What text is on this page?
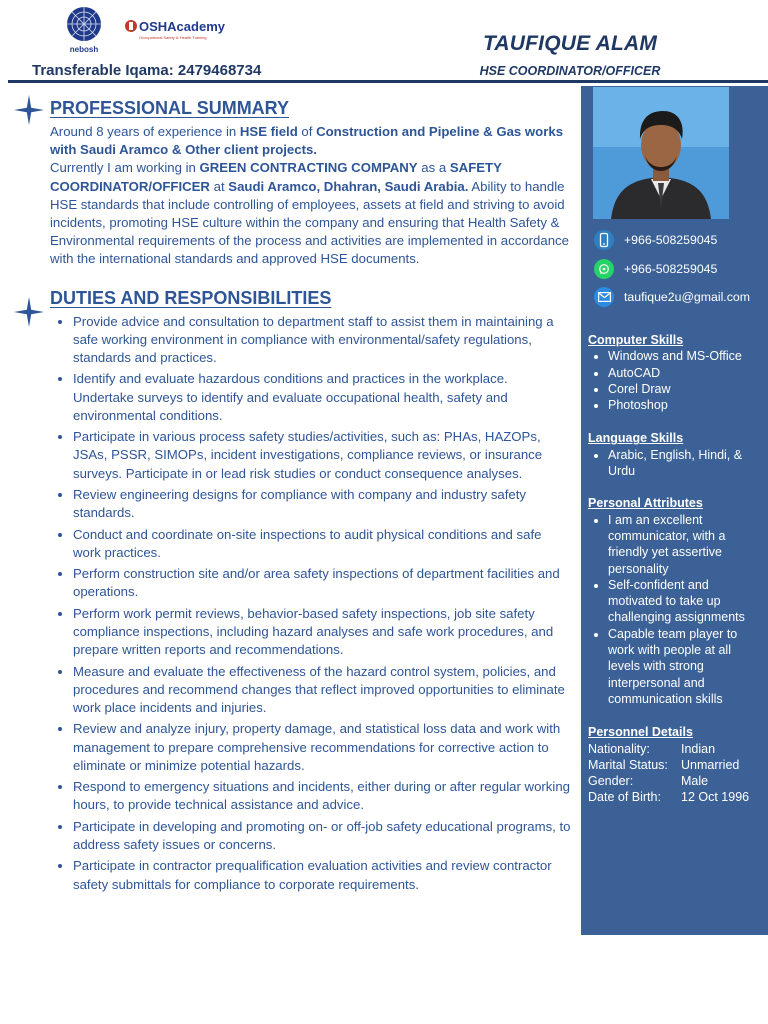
nebosh
OSHAcademy
Occupational Safety & Health Training
Transferable Iqama: 2479468734
TAUFIQUE ALAM
HSE COORDINATOR/OFFICER
PROFESSIONAL SUMMARY

Around 8 years of experience in HSE field of Construction and Pipeline & Gas works with Saudi Aramco & Other client projects.

Currently I am working in GREEN CONTRACTING COMPANY as a SAFETY COORDINATOR/OFFICER at Saudi Aramco, Dhahran, Saudi Arabia. Ability to handle HSE standards that include controlling of employees, assets at field and striving to avoid incidents, promoting HSE culture within the company and ensuring that Health Safety & Environmental requirements of the process and activities are implemented in accordance with the international standards and approved HSE documents.

DUTIES AND RESPONSIBILITIES
• Provide advice and consultation to department staff to assist them in maintaining a safe working environment in compliance with environmental/safety regulations, standards and practices.
• Identify and evaluate hazardous conditions and practices in the workplace. Undertake surveys to identify and evaluate occupational health, safety and environmental conditions.
• Participate in various process safety studies/activities, such as: PHAs, HAZOPs, JSAs, PSSR, SIMOPs, incident investigations, compliance reviews, or insurance surveys. Participate in or lead risk studies or conduct consequence analyses.
• Review engineering designs for compliance with company and industry safety standards.
• Conduct and coordinate on-site inspections to audit physical conditions and safe work practices.
• Perform construction site and/or area safety inspections of department facilities and operations.
• Perform work permit reviews, behavior-based safety inspections, job site safety compliance inspections, including hazard analyses and safe work procedures, and prepare written reports and recommendations.
• Measure and evaluate the effectiveness of the hazard control system, policies, and procedures and recommend changes that reflect improved opportunities to eliminate work place incidents and injuries.
• Review and analyze injury, property damage, and statistical loss data and work with management to prepare comprehensive recommendations for corrective action to eliminate or minimize potential hazards.
• Respond to emergency situations and incidents, either during or after regular working hours, to provide technical assistance and advice.
• Participate in developing and promoting on- or off-job safety educational programs, to address safety issues or concerns.
• Participate in contractor prequalification evaluation activities and review contractor safety submittals for compliance to corporate requirements.
+966-508259045
+966-508259045
taufique2u@gmail.com

Computer Skills

• Windows and MS-Office
• AutoCAD
• Corel Draw
• Photoshop

Language Skills

• Arabic, English, Hindi, & Urdu

Personal Attributes

• I am an excellent communicator, with a friendly yet assertive personality
• Self-confident and motivated to take up challenging assignments
• Capable team player to work with people at all levels with strong interpersonal and communication skills

Personnel Details

Nationality:	Indian
Marital Status:	Unmarried
Gender:	Male
Date of Birth:	12 Oct 1996
